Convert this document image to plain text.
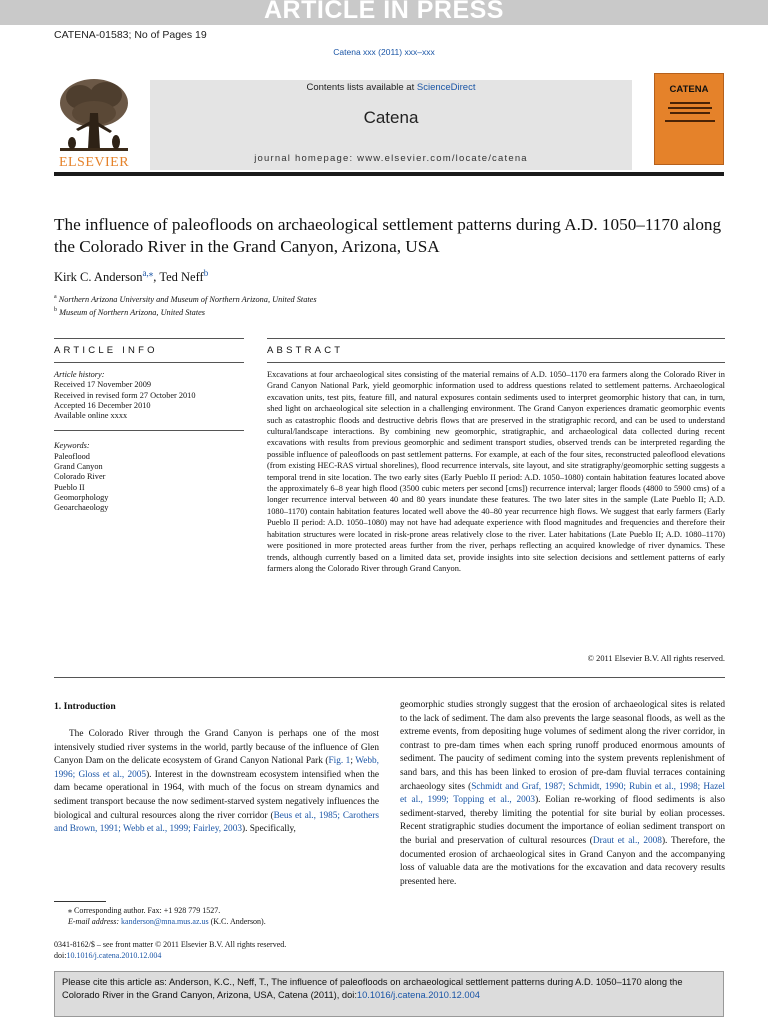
ARTICLE IN PRESS
CATENA-01583; No of Pages 19
Catena xxx (2011) xxx–xxx
ELSEVIER
Contents lists available at ScienceDirect
Catena
journal homepage: www.elsevier.com/locate/catena
CATENA
The influence of paleofloods on archaeological settlement patterns during A.D. 1050–1170 along the Colorado River in the Grand Canyon, Arizona, USA
Kirk C. Anderson$^{a,⁎}$, Ted Neff$^b$
$^a$ Northern Arizona University and Museum of Northern Arizona, United States
$^b$ Museum of Northern Arizona, United States
ARTICLE INFO	ABSTRACT
Article history:
Received 17 November 2009
Received in revised form 27 October 2010
Accepted 16 December 2010
Available online xxxx
Keywords:
Paleoflood
Grand Canyon
Colorado River
Pueblo II
Geomorphology
Geoarchaeology
Excavations at four archaeological sites consisting of the material remains of A.D. 1050–1170 era farmers along the Colorado River in Grand Canyon National Park, yield geomorphic information used to address questions related to settlement patterns. Archaeological excavation units, test pits, feature fill, and natural exposures contain sediments used to interpret geomorphic history that can, in turn, shed light on archaeological site selection in a challenging environment. The Grand Canyon experiences dramatic geomorphic events such as catastrophic floods and destructive debris flows that are preserved in the stratigraphic record, and can be used to understand cultural/landscape interactions. By combining new geomorphic, stratigraphic, and archaeological data collected during recent excavations with results from previous geomorphic and sediment transport studies, observed trends can be interpreted regarding the possible influence of paleofloods on past settlement patterns. For example, at each of the four sites, reconstructed paleoflood elevations (from existing HEC-RAS virtual shorelines), flood recurrence intervals, site layout, and site stratigraphy/geomorphic setting suggests a temporal trend in site location. The two early sites (Early Pueblo II period: A.D. 1050–1080) contain habitation features located above the approximately 6–8 year high flood (3500 cubic meters per second [cms]) recurrence interval; larger floods (4800 to 5900 cms) of a longer recurrence interval between 40 and 80 years inundate these features. The two later sites in the sample (Late Pueblo II; A.D. 1080–1170) contain habitation features located well above the 40–80 year recurrence high flows. We suggest that early farmers (Early Pueblo II period: A.D. 1050–1080) may not have had adequate experience with flood magnitudes and frequencies and therefore their habitation structures were located in risk-prone areas relatively close to the river. Later habitations (Late Pueblo II; A.D. 1080–1170) were positioned in more protected areas further from the river, perhaps reflecting an acquired knowledge of river dynamics. These trends, although currently based on a limited data set, provide insights into site selection decisions and settlement patterns of early farmers along the Colorado River through Grand Canyon.
© 2011 Elsevier B.V. All rights reserved.
1. Introduction
The Colorado River through the Grand Canyon is perhaps one of the most intensively studied river systems in the world, partly because of the influence of Glen Canyon Dam on the delicate ecosystem of Grand Canyon National Park (Fig. 1; Webb, 1996; Gloss et al., 2005). Interest in the downstream ecosystem intensified when the dam became operational in 1964, with much of the focus on stream dynamics and sediment transport because the now sediment-starved system negatively influences the biological and cultural resources along the river corridor (Beus et al., 1985; Carothers and Brown, 1991; Webb et al., 1999; Fairley, 2003). Specifically,
geomorphic studies strongly suggest that the erosion of archaeological sites is related to the lack of sediment. The dam also prevents the large seasonal floods, as well as the extreme events, from depositing huge volumes of sediment along the river corridor, in contrast to pre-dam times when each spring runoff produced enormous amounts of sediment. The paucity of sediment coming into the system prevents replenishment of sand bars, and this has been linked to erosion of pre-dam fluvial terraces containing archaeology sites (Schmidt and Graf, 1987; Schmidt, 1990; Rubin et al., 1998; Hazel et al., 1999; Topping et al., 2003). Eolian re-working of flood sediments is also sediment-starved, thereby limiting the potential for site burial by eolian processes. Recent stratigraphic studies document the importance of eolian sediment transport on the burial and preservation of cultural resources (Draut et al., 2008). Therefore, the documented erosion of archaeological sites in Grand Canyon and the accompanying loss of valuable data are the motivations for the excavation and data recovery results presented here.
⁎ Corresponding author. Fax: +1 928 779 1527.
E-mail address: kanderson@mna.mus.az.us (K.C. Anderson).
0341-8162/$ – see front matter © 2011 Elsevier B.V. All rights reserved.
doi:10.1016/j.catena.2010.12.004
Please cite this article as: Anderson, K.C., Neff, T., The influence of paleofloods on archaeological settlement patterns during A.D. 1050–1170 along the Colorado River in the Grand Canyon, Arizona, USA, Catena (2011), doi:10.1016/j.catena.2010.12.004
